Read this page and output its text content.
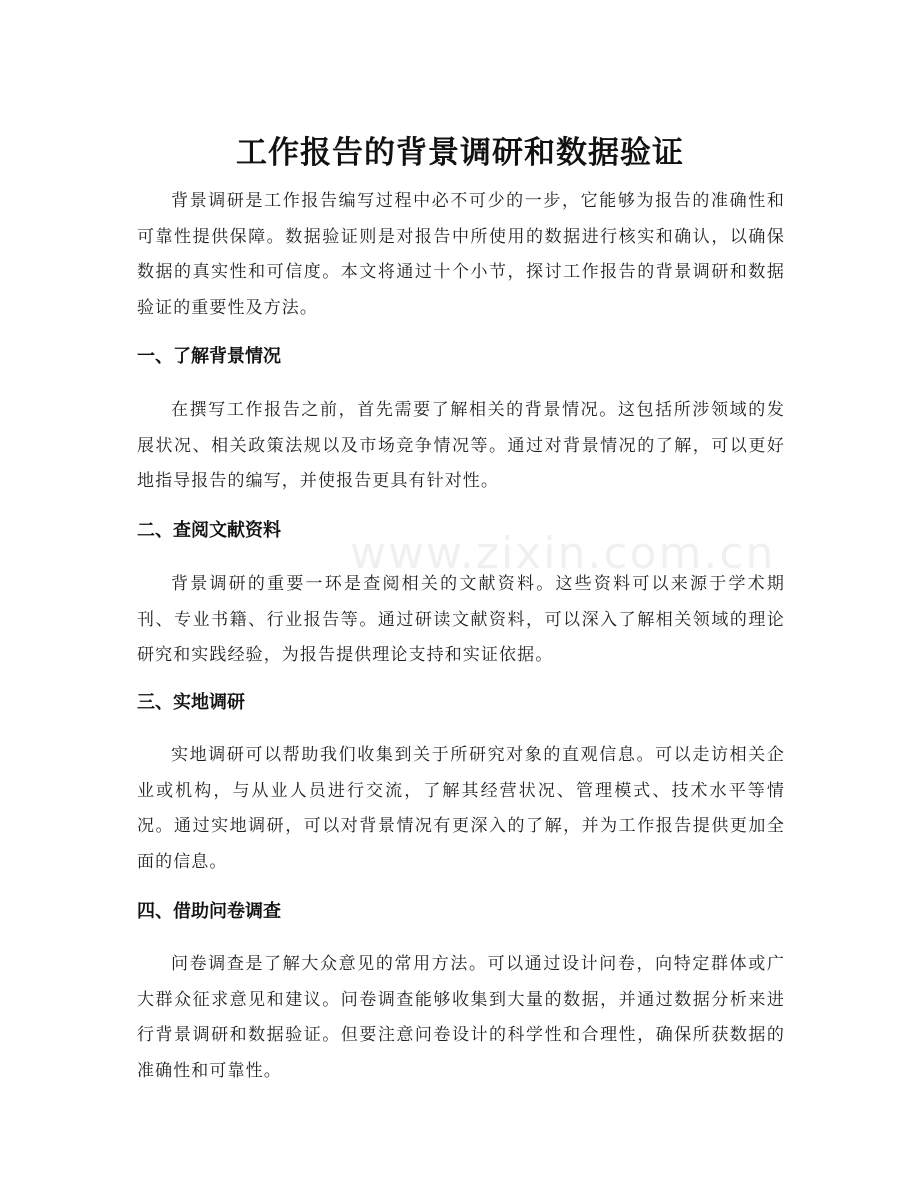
www.zixin.com.cn
工作报告的背景调研和数据验证

背景调研是工作报告编写过程中必不可少的一步，它能够为报告的准确性和可靠性提供保障。数据验证则是对报告中所使用的数据进行核实和确认，以确保数据的真实性和可信度。本文将通过十个小节，探讨工作报告的背景调研和数据验证的重要性及方法。

一、了解背景情况

在撰写工作报告之前，首先需要了解相关的背景情况。这包括所涉领域的发展状况、相关政策法规以及市场竞争情况等。通过对背景情况的了解，可以更好地指导报告的编写，并使报告更具有针对性。

二、查阅文献资料

背景调研的重要一环是查阅相关的文献资料。这些资料可以来源于学术期刊、专业书籍、行业报告等。通过研读文献资料，可以深入了解相关领域的理论研究和实践经验，为报告提供理论支持和实证依据。

三、实地调研

实地调研可以帮助我们收集到关于所研究对象的直观信息。可以走访相关企业或机构，与从业人员进行交流，了解其经营状况、管理模式、技术水平等情况。通过实地调研，可以对背景情况有更深入的了解，并为工作报告提供更加全面的信息。

四、借助问卷调查

问卷调查是了解大众意见的常用方法。可以通过设计问卷，向特定群体或广大群众征求意见和建议。问卷调查能够收集到大量的数据，并通过数据分析来进行背景调研和数据验证。但要注意问卷设计的科学性和合理性，确保所获数据的准确性和可靠性。
